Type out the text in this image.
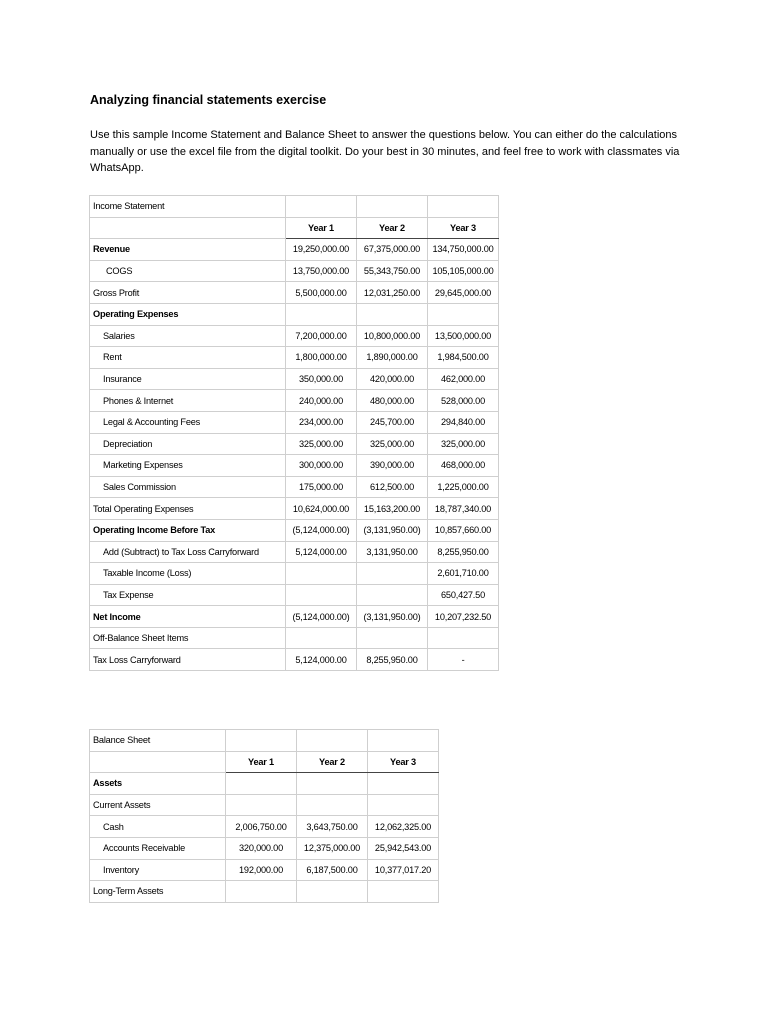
Analyzing financial statements exercise

Use this sample Income Statement and Balance Sheet to answer the questions below. You can either do the calculations manually or use the excel file from the digital toolkit. Do your best in 30 minutes, and feel free to work with classmates via WhatsApp.

Income Statement			
	Year 1	Year 2	Year 3
Revenue	19,250,000.00	67,375,000.00	134,750,000.00
COGS	13,750,000.00	55,343,750.00	105,105,000.00
Gross Profit	5,500,000.00	12,031,250.00	29,645,000.00
Operating Expenses			
Salaries	7,200,000.00	10,800,000.00	13,500,000.00
Rent	1,800,000.00	1,890,000.00	1,984,500.00
Insurance	350,000.00	420,000.00	462,000.00
Phones & Internet	240,000.00	480,000.00	528,000.00
Legal & Accounting Fees	234,000.00	245,700.00	294,840.00
Depreciation	325,000.00	325,000.00	325,000.00
Marketing Expenses	300,000.00	390,000.00	468,000.00
Sales Commission	175,000.00	612,500.00	1,225,000.00
Total Operating Expenses	10,624,000.00	15,163,200.00	18,787,340.00
Operating Income Before Tax	(5,124,000.00)	(3,131,950.00)	10,857,660.00
Add (Subtract) to Tax Loss Carryforward	5,124,000.00	3,131,950.00	8,255,950.00
Taxable Income (Loss)			2,601,710.00
Tax Expense			650,427.50
Net Income	(5,124,000.00)	(3,131,950.00)	10,207,232.50
Off-Balance Sheet Items			
Tax Loss Carryforward	5,124,000.00	8,255,950.00	-
Balance Sheet			
	Year 1	Year 2	Year 3
Assets			
Current Assets			
Cash	2,006,750.00	3,643,750.00	12,062,325.00
Accounts Receivable	320,000.00	12,375,000.00	25,942,543.00
Inventory	192,000.00	6,187,500.00	10,377,017.20
Long-Term Assets			
